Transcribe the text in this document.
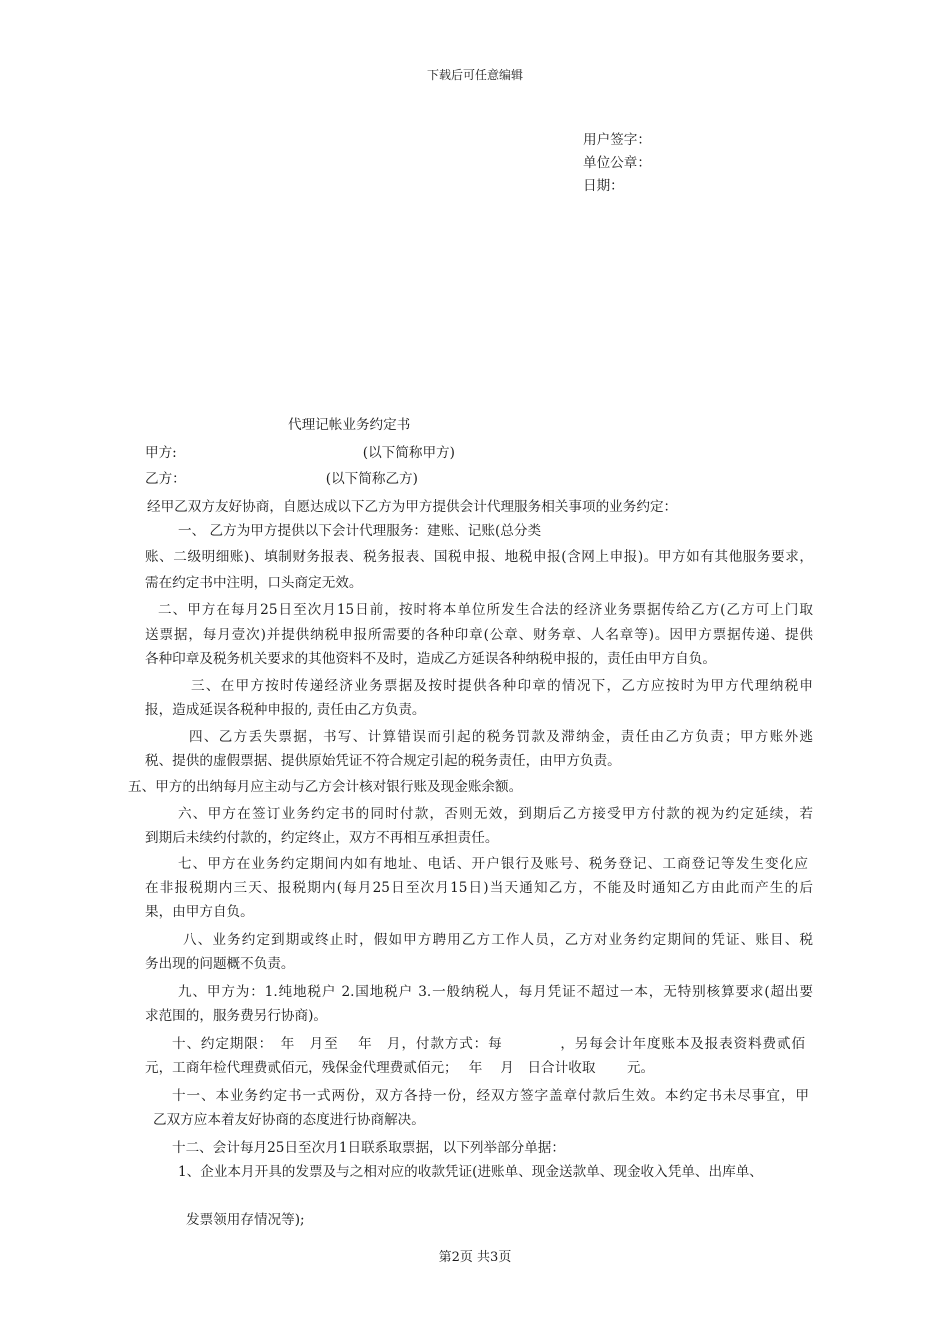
下载后可任意编辑
用户签字：
单位公章：
日期：
代理记帐业务约定书
甲方:	(以下简称甲方)
乙方：	(以下简称乙方)
经甲乙双方友好协商，自愿达成以下乙方为甲方提供会计代理服务相关事项的业务约定：
一、 乙方为甲方提供以下会计代理服务：建账、记账(总分类
账、二级明细账)、填制财务报表、税务报表、国税申报、地税申报(含网上申报)。甲方如有其他服务要求，
需在约定书中注明，口头商定无效。
二、甲方在每月25日至次月15日前，按时将本单位所发生合法的经济业务票据传给乙方(乙方可上门取
送票据，每月壹次)并提供纳税申报所需要的各种印章(公章、财务章、人名章等)。因甲方票据传递、提供
各种印章及税务机关要求的其他资料不及时，造成乙方延误各种纳税申报的，责任由甲方自负。
三、在甲方按时传递经济业务票据及按时提供各种印章的情况下，乙方应按时为甲方代理纳税申
报，造成延误各税种申报的, 责任由乙方负责。
四、乙方丢失票据，书写、计算错误而引起的税务罚款及滞纳金，责任由乙方负责；甲方账外逃
税、提供的虚假票据、提供原始凭证不符合规定引起的税务责任，由甲方负责。
五、甲方的出纳每月应主动与乙方会计核对银行账及现金账余额。
六、甲方在签订业务约定书的同时付款，否则无效，到期后乙方接受甲方付款的视为约定延续，若
到期后未续约付款的，约定终止，双方不再相互承担责任。
七、甲方在业务约定期间内如有地址、电话、开户银行及账号、税务登记、工商登记等发生变化应
在非报税期内三天、报税期内(每月25日至次月15日)当天通知乙方，不能及时通知乙方由此而产生的后
果，由甲方自负。
八、业务约定到期或终止时，假如甲方聘用乙方工作人员，乙方对业务约定期间的凭证、账目、税
务出现的问题概不负责。
九、甲方为：1.纯地税户 2.国地税户 3.一般纳税人，每月凭证不超过一本，无特别核算要求(超出要
求范围的，服务费另行协商)。
十、约定期限：　年　月至　 年　月，付款方式：每　　　　，另每会计年度账本及报表资料费贰佰
元，工商年检代理费贰佰元，残保金代理费贰佰元；　 年　 月　日合计收取　　 元。
十一、本业务约定书一式两份，双方各持一份，经双方签字盖章付款后生效。本约定书未尽事宜，甲
乙双方应本着友好协商的态度进行协商解决。
十二、会计每月25日至次月1日联系取票据，以下列举部分单据：
1、企业本月开具的发票及与之相对应的收款凭证(进账单、现金送款单、现金收入凭单、出库单、
发票领用存情况等);
第2页 共3页
